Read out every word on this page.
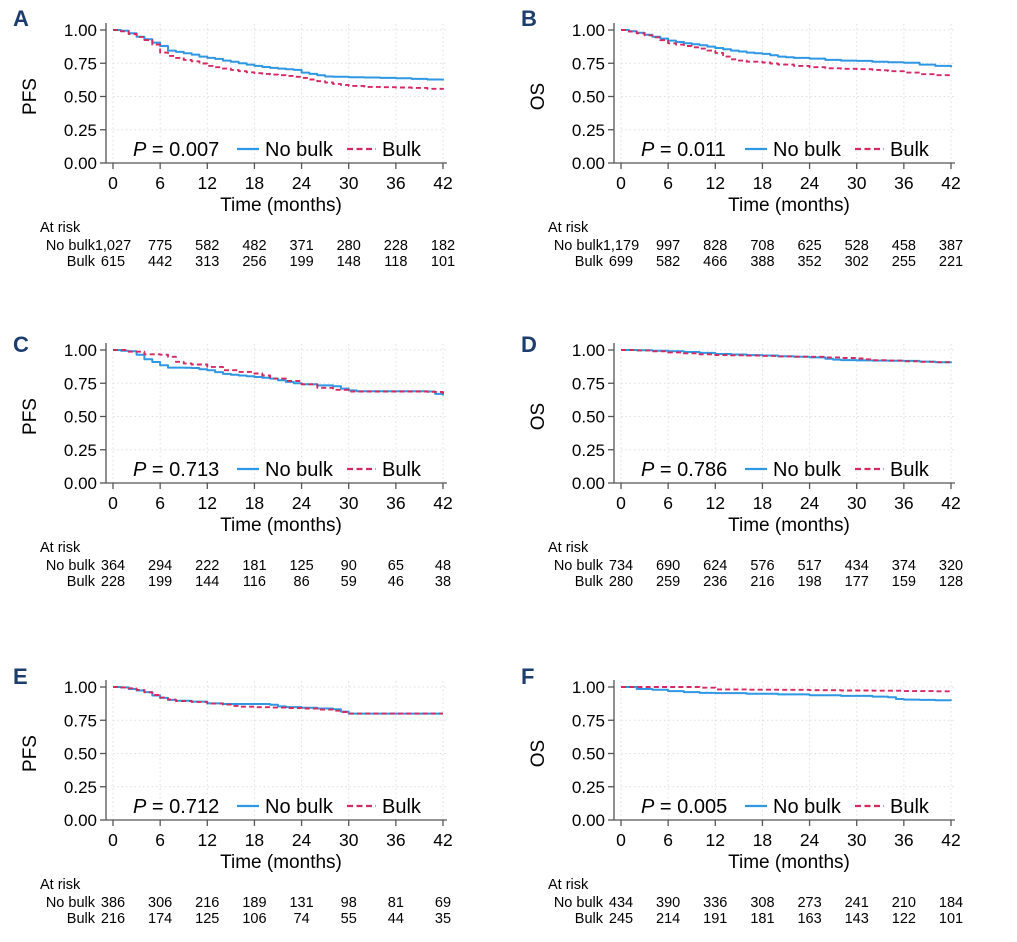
A 1.00
0.75
0.50
0.25
0.00
0 6 12 18 24 30 36 42
PFS
Time (months)
P = 0.007 No bulk Bulk
At risk
No bulk 1,027 775 582 482 371 280 228 182
Bulk 615 442 313 256 199 148 118 101
B 1.00
0.75
0.50
0.25
0.00
0 6 12 18 24 30 36 42
OS
Time (months)
P = 0.011 No bulk Bulk
At risk
No bulk 1,179 997 828 708 625 528 458 387
Bulk 699 582 466 388 352 302 255 221
C 1.00
0.75
0.50
0.25
0.00
0 6 12 18 24 30 36 42
PFS
Time (months)
P = 0.713 No bulk Bulk
At risk
No bulk 364 294 222 181 125 90 65 48
Bulk 228 199 144 116 86 59 46 38
D 1.00
0.75
0.50
0.25
0.00
0 6 12 18 24 30 36 42
OS
Time (months)
P = 0.786 No bulk Bulk
At risk
No bulk 734 690 624 576 517 434 374 320
Bulk 280 259 236 216 198 177 159 128
E 1.00
0.75
0.50
0.25
0.00
0 6 12 18 24 30 36 42
PFS
Time (months)
P = 0.712 No bulk Bulk
At risk
No bulk 386 306 216 189 131 98 81 69
Bulk 216 174 125 106 74 55 44 35
F 1.00
0.75
0.50
0.25
0.00
0 6 12 18 24 30 36 42
OS
Time (months)
P = 0.005 No bulk Bulk
At risk
No bulk 434 390 336 308 273 241 210 184
Bulk 245 214 191 181 163 143 122 101
